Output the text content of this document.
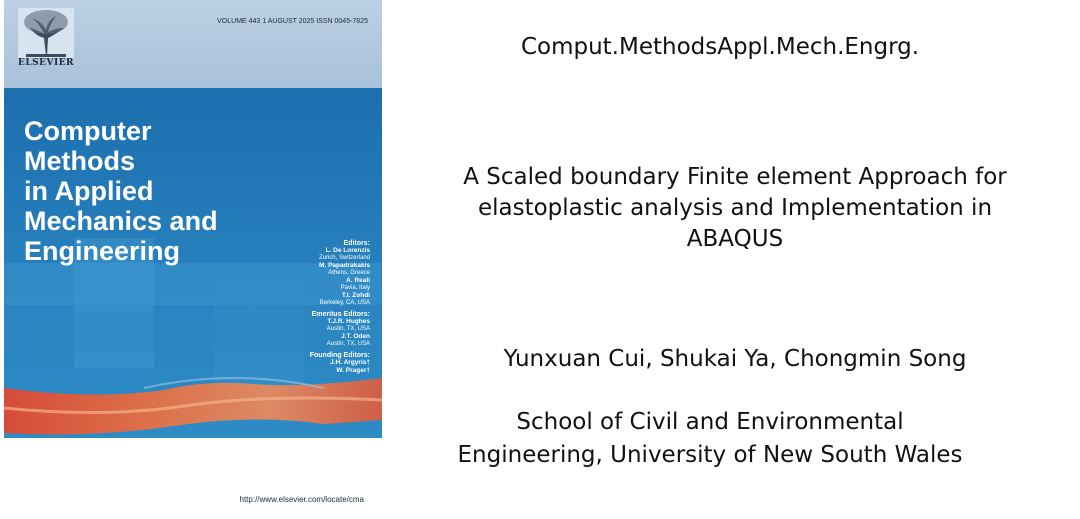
ELSEVIER
VOLUME 443 1 AUGUST 2025 ISSN 0045-7825
Computer
Methods
in Applied
Mechanics and
Engineering	Editors:
L. De Lorenzis
Zurich, Switzerland
M. Papadrakakis
Athens, Greece
A. Reali
Pavia, Italy
T.I. Zohdi
Berkeley, CA, USA
Emeritus Editors:
T.J.R. Hughes
Austin, TX, USA
J.T. Oden
Austin, TX, USA
Founding Editors:
J.H. Argyris†
W. Prager†
http://www.elsevier.com/locate/cma
Comput.MethodsAppl.Mech.Engrg.
A Scaled boundary Finite element Approach for
elastoplastic analysis and Implementation in
ABAQUS
Yunxuan Cui, Shukai Ya, Chongmin Song
School of Civil and Environmental
Engineering, University of New South Wales
